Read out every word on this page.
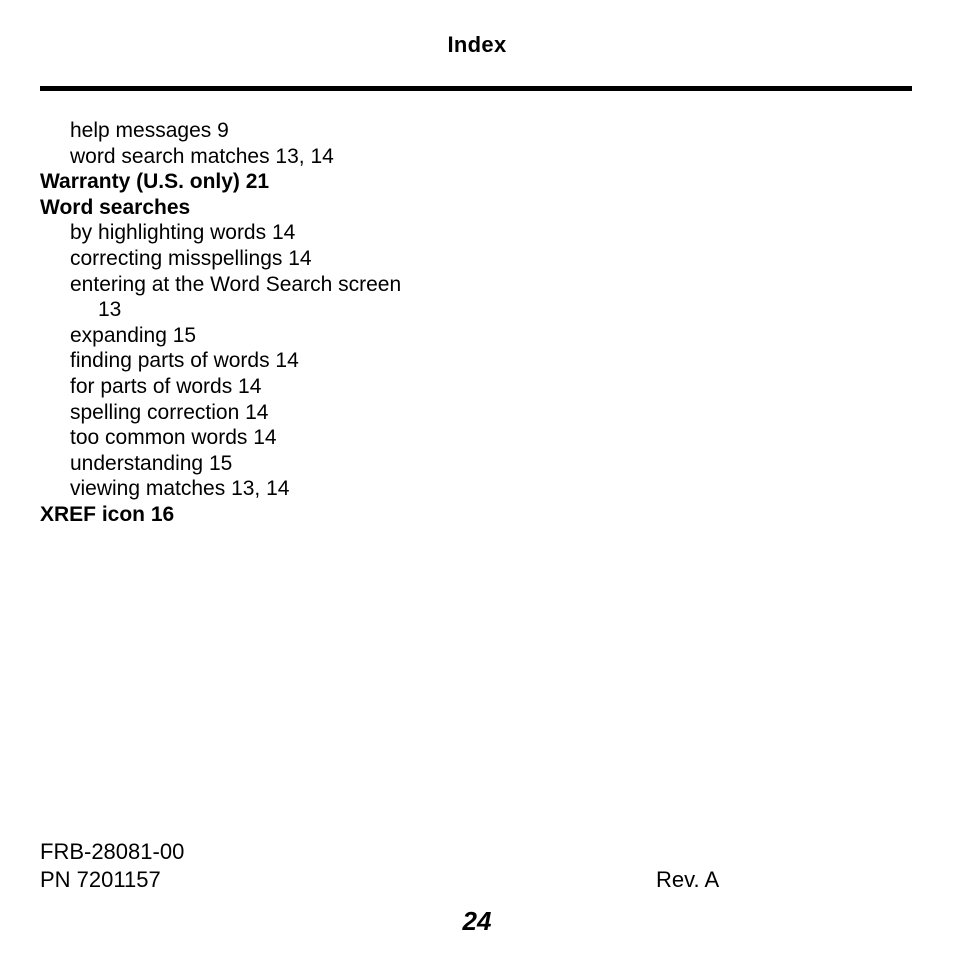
Index
help messages 9
word search matches 13, 14
Warranty (U.S. only) 21
Word searches
by highlighting words 14
correcting misspellings 14
entering at the Word Search screen
13
expanding 15
finding parts of words 14
for parts of words 14
spelling correction 14
too common words 14
understanding 15
viewing matches 13, 14
XREF icon 16
FRB-28081-00
PN 7201157	Rev. A
24
